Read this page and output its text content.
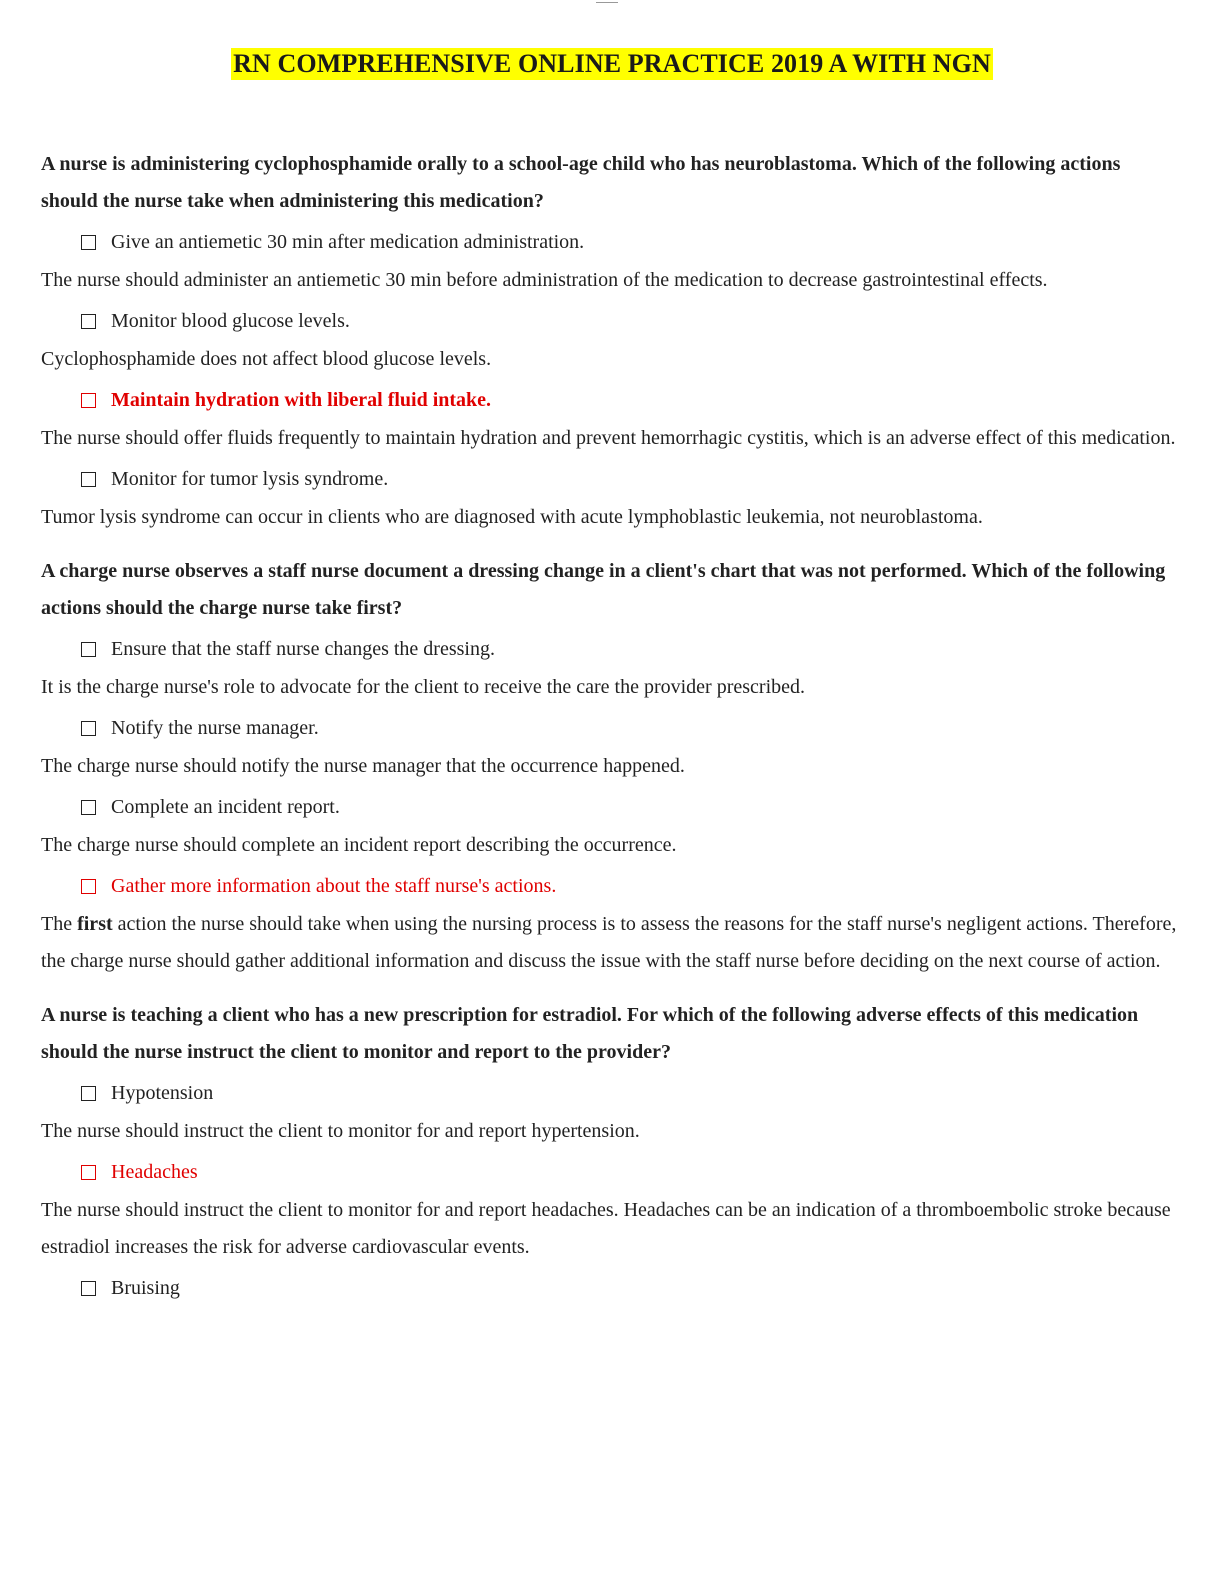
RN COMPREHENSIVE ONLINE PRACTICE 2019 A WITH NGN
A nurse is administering cyclophosphamide orally to a school-age child who has neuroblastoma. Which of the following actions should the nurse take when administering this medication?
Give an antiemetic 30 min after medication administration.
The nurse should administer an antiemetic 30 min before administration of the medication to decrease gastrointestinal effects.
Monitor blood glucose levels.
Cyclophosphamide does not affect blood glucose levels.
Maintain hydration with liberal fluid intake.
The nurse should offer fluids frequently to maintain hydration and prevent hemorrhagic cystitis, which is an adverse effect of this medication.
Monitor for tumor lysis syndrome.
Tumor lysis syndrome can occur in clients who are diagnosed with acute lymphoblastic leukemia, not neuroblastoma.
A charge nurse observes a staff nurse document a dressing change in a client's chart that was not performed. Which of the following actions should the charge nurse take first?
Ensure that the staff nurse changes the dressing.
It is the charge nurse's role to advocate for the client to receive the care the provider prescribed.
Notify the nurse manager.
The charge nurse should notify the nurse manager that the occurrence happened.
Complete an incident report.
The charge nurse should complete an incident report describing the occurrence.
Gather more information about the staff nurse's actions.
The first action the nurse should take when using the nursing process is to assess the reasons for the staff nurse's negligent actions. Therefore, the charge nurse should gather additional information and discuss the issue with the staff nurse before deciding on the next course of action.
A nurse is teaching a client who has a new prescription for estradiol. For which of the following adverse effects of this medication should the nurse instruct the client to monitor and report to the provider?
Hypotension
The nurse should instruct the client to monitor for and report hypertension.
Headaches
The nurse should instruct the client to monitor for and report headaches. Headaches can be an indication of a thromboembolic stroke because estradiol increases the risk for adverse cardiovascular events.
Bruising
